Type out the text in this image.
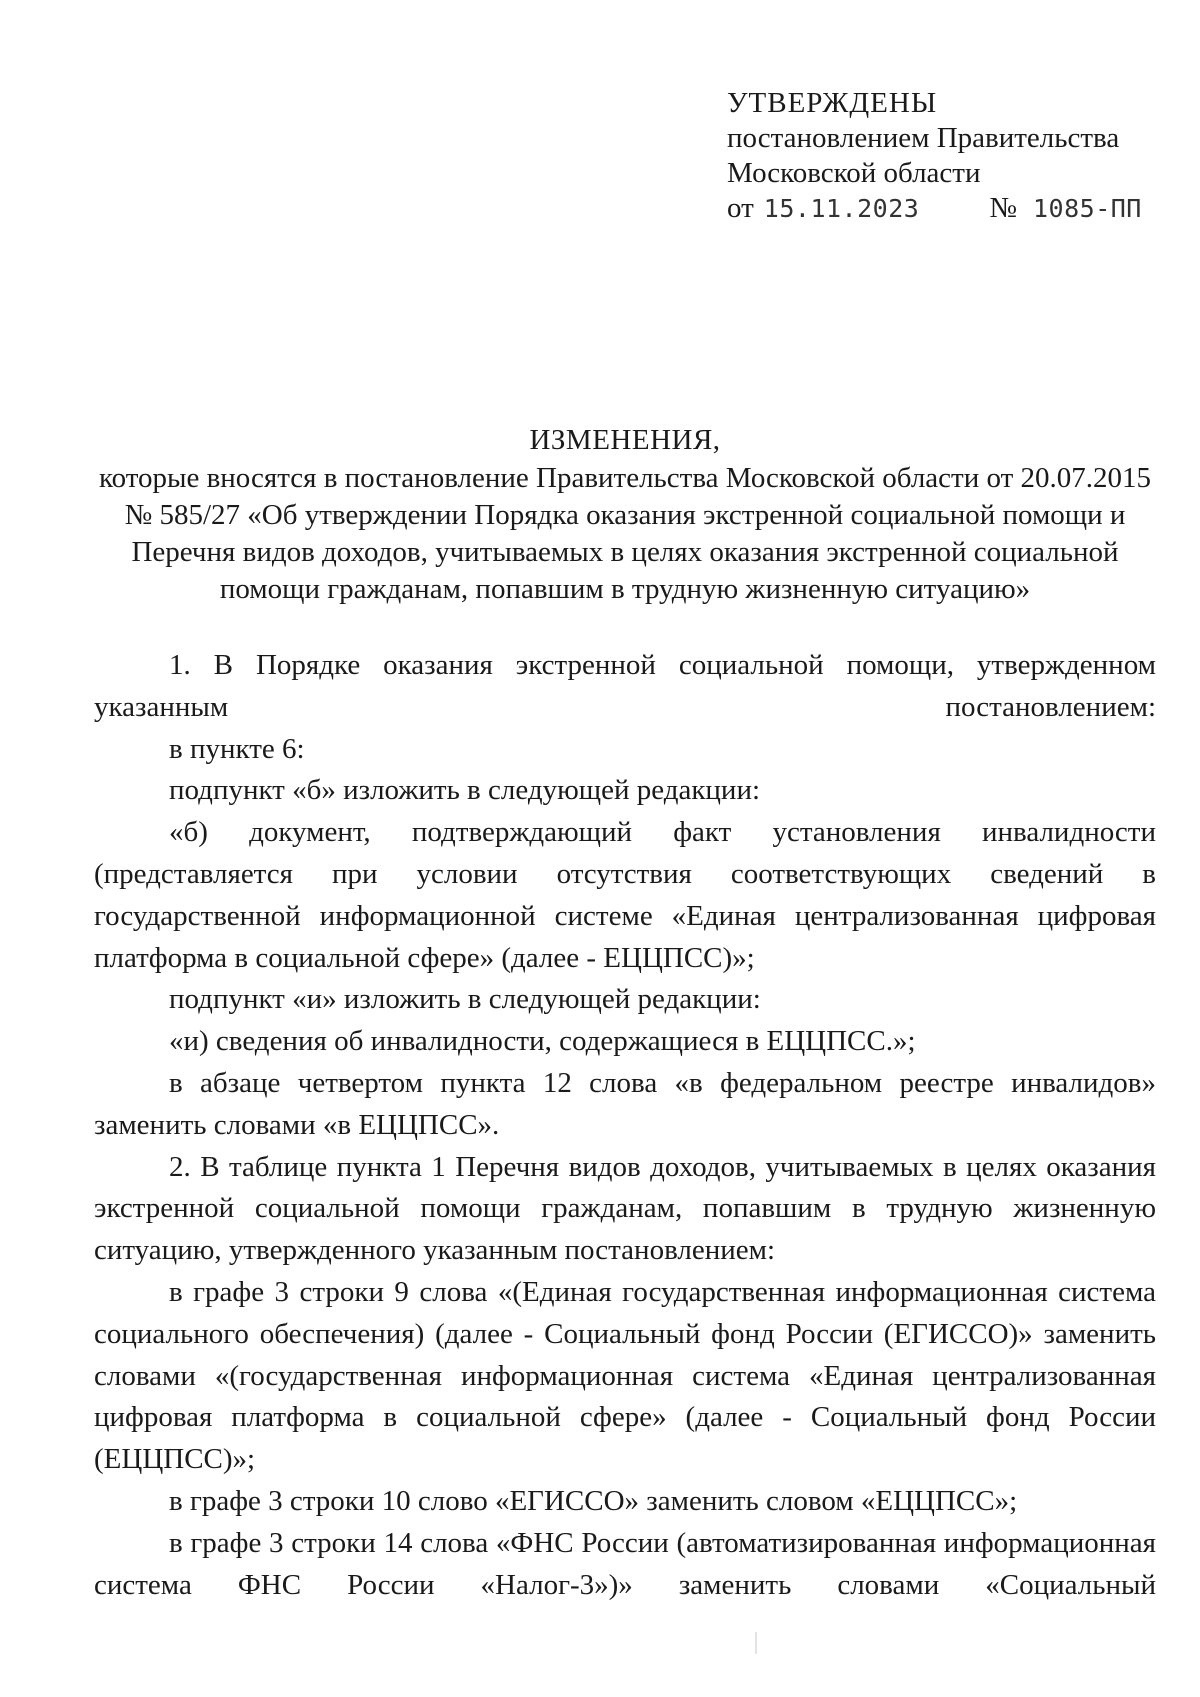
УТВЕРЖДЕНЫ
постановлением Правительства
Московской области
от 15.11.2023 № 1085-ПП
ИЗМЕНЕНИЯ,
которые вносятся в постановление Правительства Московской области от 20.07.2015 № 585/27 «Об утверждении Порядка оказания экстренной социальной помощи и Перечня видов доходов, учитываемых в целях оказания экстренной социальной помощи гражданам, попавшим в трудную жизненную ситуацию»

1. В Порядке оказания экстренной социальной помощи, утвержденном указанным постановлением:

в пункте 6:

подпункт «б» изложить в следующей редакции:

«б) документ, подтверждающий факт установления инвалидности (представляется при условии отсутствия соответствующих сведений в государственной информационной системе «Единая централизованная цифровая платформа в социальной сфере» (далее - ЕЦЦПСС)»;

подпункт «и» изложить в следующей редакции:

«и) сведения об инвалидности, содержащиеся в ЕЦЦПСС.»;

в абзаце четвертом пункта 12 слова «в федеральном реестре инвалидов» заменить словами «в ЕЦЦПСС».

2. В таблице пункта 1 Перечня видов доходов, учитываемых в целях оказания экстренной социальной помощи гражданам, попавшим в трудную жизненную ситуацию, утвержденного указанным постановлением:

в графе 3 строки 9 слова «(Единая государственная информационная система социального обеспечения) (далее - Социальный фонд России (ЕГИССО)» заменить словами «(государственная информационная система «Единая централизованная цифровая платформа в социальной сфере» (далее - Социальный фонд России (ЕЦЦПСС)»;

в графе 3 строки 10 слово «ЕГИССО» заменить словом «ЕЦЦПСС»;

в графе 3 строки 14 слова «ФНС России (автоматизированная информационная система ФНС России «Налог-3»)» заменить словами «Социальный
